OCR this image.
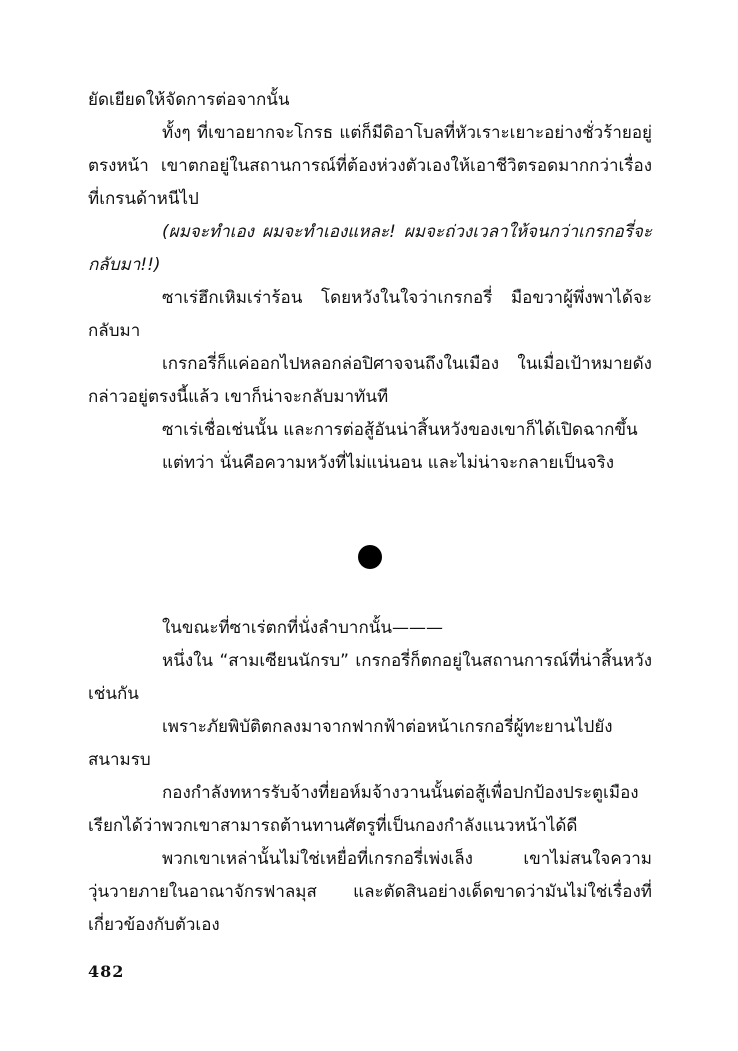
ยัดเยียดให้จัดการต่อจากนั้น

ทั้งๆ ที่เขาอยากจะโกรธ แต่ก็มีดิอาโบลที่หัวเราะเยาะอย่างชั่วร้ายอยู่ตรงหน้า เขาตกอยู่ในสถานการณ์ที่ต้องห่วงตัวเองให้เอาชีวิตรอดมากกว่าเรื่องที่เกรนด้าหนีไป

(ผมจะทำเอง ผมจะทำเองแหละ! ผมจะถ่วงเวลาให้จนกว่าเกรกอรี่จะกลับมา!!)

ซาเร่ฮึกเหิมเร่าร้อน โดยหวังในใจว่าเกรกอรี่ มือขวาผู้พึ่งพาได้จะกลับมา

เกรกอรี่ก็แค่ออกไปหลอกล่อปิศาจจนถึงในเมือง ในเมื่อเป้าหมายดังกล่าวอยู่ตรงนี้แล้ว เขาก็น่าจะกลับมาทันที

ซาเร่เชื่อเช่นนั้น และการต่อสู้อันน่าสิ้นหวังของเขาก็ได้เปิดฉากขึ้น

แต่ทว่า นั่นคือความหวังที่ไม่แน่นอน และไม่น่าจะกลายเป็นจริง

ในขณะที่ซาเร่ตกที่นั่งลำบากนั้น———

หนึ่งใน “สามเซียนนักรบ” เกรกอรี่ก็ตกอยู่ในสถานการณ์ที่น่าสิ้นหวังเช่นกัน

เพราะภัยพิบัติตกลงมาจากฟากฟ้าต่อหน้าเกรกอรี่ผู้ทะยานไปยังสนามรบ

กองกำลังทหารรับจ้างที่ยอห์มจ้างวานนั้นต่อสู้เพื่อปกป้องประตูเมือง เรียกได้ว่าพวกเขาสามารถต้านทานศัตรูที่เป็นกองกำลังแนวหน้าได้ดี

พวกเขาเหล่านั้นไม่ใช่เหยื่อที่เกรกอรี่เพ่งเล็ง เขาไม่สนใจความวุ่นวายภายในอาณาจักรฟาลมุส และตัดสินอย่างเด็ดขาดว่ามันไม่ใช่เรื่องที่เกี่ยวข้องกับตัวเอง

482
